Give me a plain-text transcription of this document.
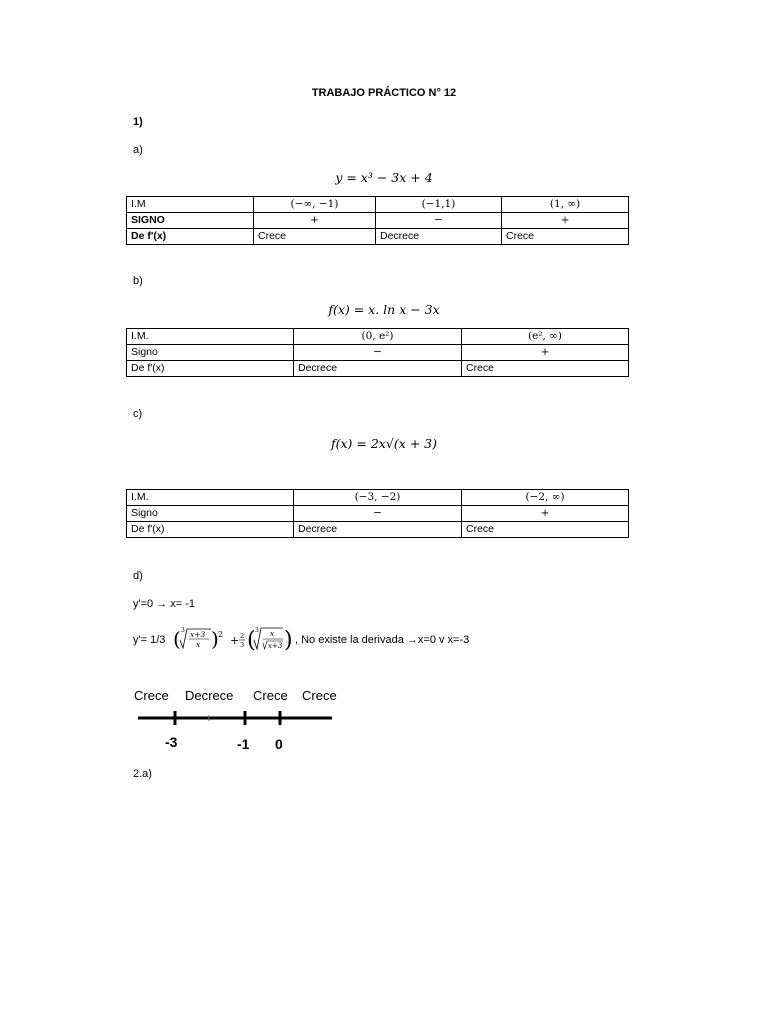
TRABAJO PRÁCTICO N° 12
1)
a)
y = x³ − 3x + 4
I.M	(−∞, −1)	(−1,1)	(1, ∞)
SIGNO	+	−	+
De f'(x)	Crece	Decrece	Crece
b)
f(x) = x. ln x − 3x
I.M.	(0, e²)	(e², ∞)
Signo	−	+
De f'(x)	Decrece	Crece
c)
f(x) = 2x√(x + 3)
I.M.	(−3, −2)	(−2, ∞)
Signo	−	+
De f'(x)	Decrece	Crece
d)
y'=0 → x= -1
y'= 1/3 ( 3 x+3
x ) 2 + 2
3 ( 3 x
x+3 ) , No existe la derivada →x=0 v x=-3
Crece Decrece Crece Crece
-3	-1 0
2.a)
